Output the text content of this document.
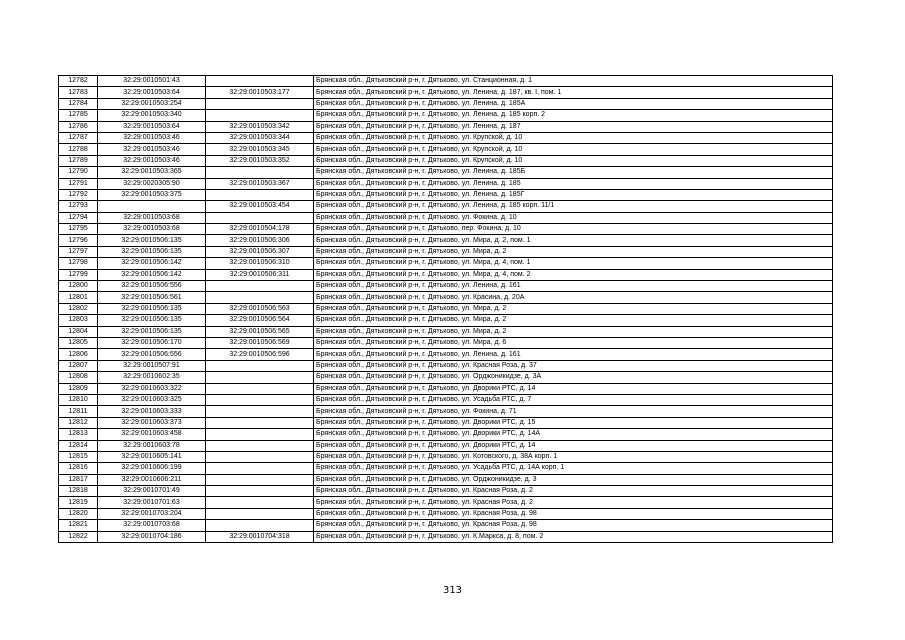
12782	32:29:0010501:43		Брянская обл., Дятьковский р-н, г. Дятьково, ул. Станционная, д. 1
12783	32:29:0010503:64	32:29:0010503:177	Брянская обл., Дятьковский р-н, г. Дятьково, ул. Ленина, д. 187, кв. I, пом. 1
12784	32:29:0010503:254		Брянская обл., Дятьковский р-н, г. Дятьково, ул. Ленина, д. 185А
12785	32:29:0010503:340		Брянская обл., Дятьковский р-н, г. Дятьково, ул. Ленина, д. 185 корп. 2
12786	32:29:0010503:64	32:29:0010503:342	Брянская обл., Дятьковский р-н, г. Дятьково, ул. Ленина, д. 187
12787	32:29:0010503:46	32:29:0010503:344	Брянская обл., Дятьковский р-н, г. Дятьково, ул. Крупской, д. 10
12788	32:29:0010503:46	32:29:0010503:345	Брянская обл., Дятьковский р-н, г. Дятьково, ул. Крупской, д. 10
12789	32:29:0010503:46	32:29:0010503:352	Брянская обл., Дятьковский р-н, г. Дятьково, ул. Крупской, д. 10
12790	32:29:0010503:365		Брянская обл., Дятьковский р-н, г. Дятьково, ул. Ленина, д. 185Б
12791	32:29:0020305:90	32:29:0010503:367	Брянская обл., Дятьковский р-н, г. Дятьково, ул. Ленина, д. 185
12792	32:29:0010503:375		Брянская обл., Дятьковский р-н, г. Дятьково, ул. Ленина, д. 185Г
12793		32:29:0010503:454	Брянская обл., Дятьковский р-н, г. Дятьково, ул. Ленина, д. 185 корп. 11/1
12794	32:29:0010503:68		Брянская обл., Дятьковский р-н, г. Дятьково, ул. Фокина, д. 10
12795	32:29:0010503:68	32:29:0010504:178	Брянская обл., Дятьковский р-н, г. Дятьково, пер. Фокина, д. 10
12796	32:29:0010506:135	32:29:0010506:306	Брянская обл., Дятьковский р-н, г. Дятьково, ул. Мира, д. 2, пом. 1
12797	32:29:0010506:135	32:29:0010506:307	Брянская обл., Дятьковский р-н, г. Дятьково, ул. Мира, д. 2
12798	32:29:0010506:142	32:29:0010506:310	Брянская обл., Дятьковский р-н, г. Дятьково, ул. Мира, д. 4, пом. 1
12799	32:29:0010506:142	32:29:0010506:311	Брянская обл., Дятьковский р-н, г. Дятьково, ул. Мира, д. 4, пом. 2
12800	32:29:0010506:556		Брянская обл., Дятьковский р-н, г. Дятьково, ул. Ленина, д. 161
12801	32:29:0010506:561		Брянская обл., Дятьковский р-н, г. Дятьково, ул. Красина, д. 20А
12802	32:29:0010506:135	32:29:0010506:563	Брянская обл., Дятьковский р-н, г. Дятьково, ул. Мира, д. 2
12803	32:29:0010506:135	32:29:0010506:564	Брянская обл., Дятьковский р-н, г. Дятьково, ул. Мира, д. 2
12804	32:29:0010506:135	32:29:0010506:565	Брянская обл., Дятьковский р-н, г. Дятьково, ул. Мира, д. 2
12805	32:29:0010506:170	32:29:0010506:569	Брянская обл., Дятьковский р-н, г. Дятьково, ул. Мира, д. 6
12806	32:29:0010506:556	32:29:0010506:596	Брянская обл., Дятьковский р-н, г. Дятьково, ул. Ленина, д. 161
12807	32:29:0010507:91		Брянская обл., Дятьковский р-н, г. Дятьково, ул. Красная Роза, д. 37
12808	32:29:0010602:35		Брянская обл., Дятьковский р-н, г. Дятьково, ул. Орджоникидзе, д. 3А
12809	32:29:0010603:322		Брянская обл., Дятьковский р-н, г. Дятьково, ул. Дворики РТС, д. 14
12810	32:29:0010603:325		Брянская обл., Дятьковский р-н, г. Дятьково, ул. Усадьба РТС, д. 7
12811	32:29:0010603:333		Брянская обл., Дятьковский р-н, г. Дятьково, ул. Фокина, д. 71
12812	32:29:0010603:373		Брянская обл., Дятьковский р-н, г. Дятьково, ул. Дворики РТС, д. 15
12813	32:29:0010603:458		Брянская обл., Дятьковский р-н, г. Дятьково, ул. Дворики РТС, д. 14А
12814	32:29:0010603:78		Брянская обл., Дятьковский р-н, г. Дятьково, ул. Дворики РТС, д. 14
12815	32:29:0010605:141		Брянская обл., Дятьковский р-н, г. Дятьково, ул. Котовского, д. 38А корп. 1
12816	32:29:0010606:199		Брянская обл., Дятьковский р-н, г. Дятьково, ул. Усадьба РТС, д. 14А корп. 1
12817	32:29:0010606:211		Брянская обл., Дятьковский р-н, г. Дятьково, ул. Орджоникидзе, д. 3
12818	32:29:0010701:49		Брянская обл., Дятьковский р-н, г. Дятьково, ул. Красная Роза, д. 2
12819	32:29:0010701:63		Брянская обл., Дятьковский р-н, г. Дятьково, ул. Красная Роза, д. 2
12820	32:29:0010703:204		Брянская обл., Дятьковский р-н, г. Дятьково, ул. Красная Роза, д. 98
12821	32:29:0010703:68		Брянская обл., Дятьковский р-н, г. Дятьково, ул. Красная Роза, д. 98
12822	32:29:0010704:186	32:29:0010704:318	Брянская обл., Дятьковский р-н, г. Дятьково, ул. К.Маркса, д. 8, пом. 2
313
